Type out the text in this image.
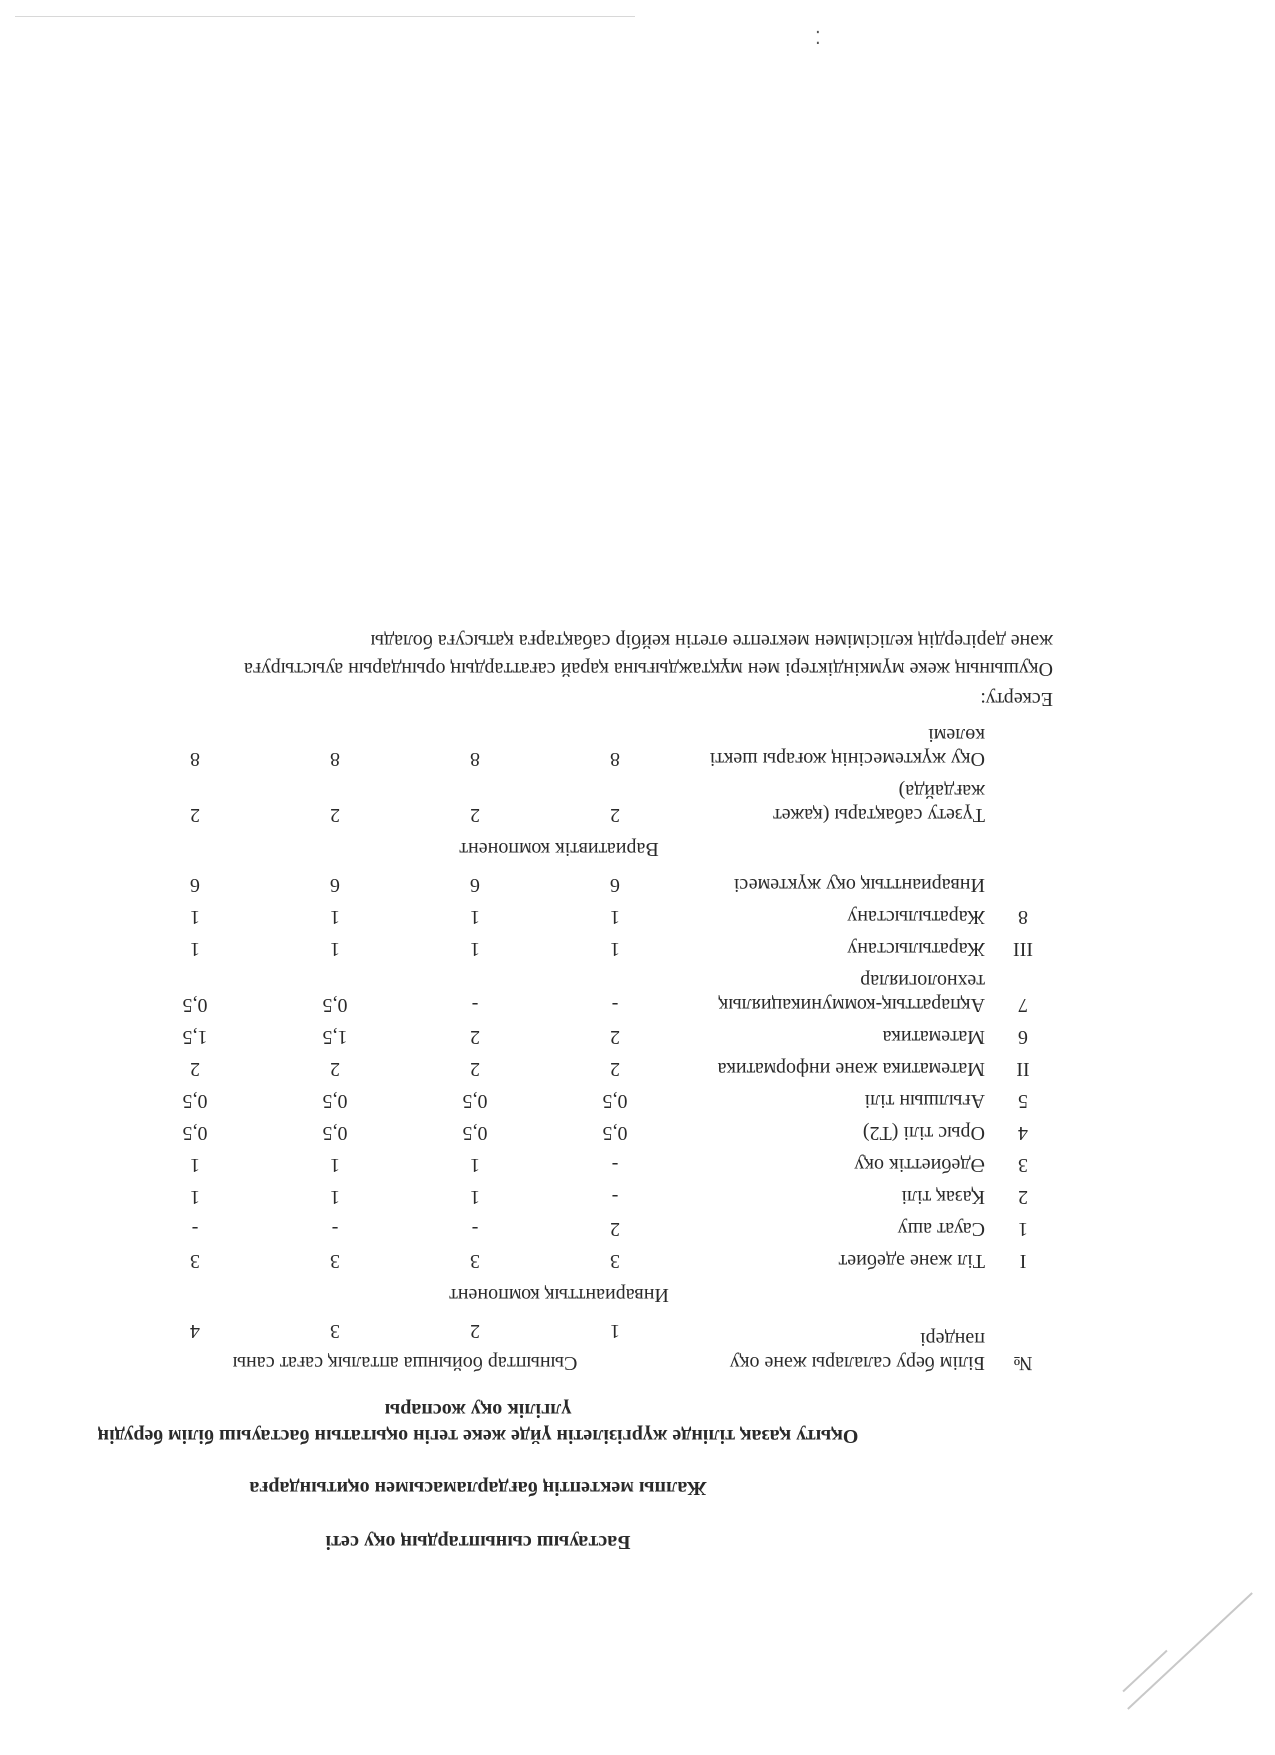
Бастауыш сыныптардың оқу сеті
Жалпы мектептің бағдарламасымен оқитындарға
Оқыту қазақ тілінде жүргізілетін үйде жеке тегін оқытатын бастауыш білім берудің
үлгілік оқу жоспары
№	Білім беру салалары және оқу пәндері	Сыныптар бойынша апталық сағат саны			
		1	2	3	4
	Инварианттық компонент				
I	Тіл және әдебиет	3	3	3	3
1	Сауат ашу	2	-	-	-
2	Қазақ тілі	-	1	1	1
3	Әдебиеттік оқу	-	1	1	1
4	Орыс тілі (Т2)	0,5	0,5	0,5	0,5
5	Ағылшын тілі	0,5	0,5	0,5	0,5
II	Математика және информатика	2	2	2	2
6	Математика	2	2	1,5	1,5
7	Ақпараттық-коммуникациялық технологиялар	-	-	0,5	0,5
III	Жаратылыстану	1	1	1	1
8	Жаратылыстану	1	1	1	1
	Инварианттық оқу жүктемесі	6	6	6	6
	Вариативтік компонент				
	Түзету сабақтары (қажет жағдайда)	2	2	2	2
	Оқу жүктемесінің жоғары шекті көлемі	8	8	8	8
Ескерту:
Оқушының жеке мүмкіндіктері мен мұқтаждығына қарай сағаттардың орындарын ауыстыруға
және дәрігердің келісімімен мектепте өтетін кейбір сабақтарға қатысуға болады
⁚
